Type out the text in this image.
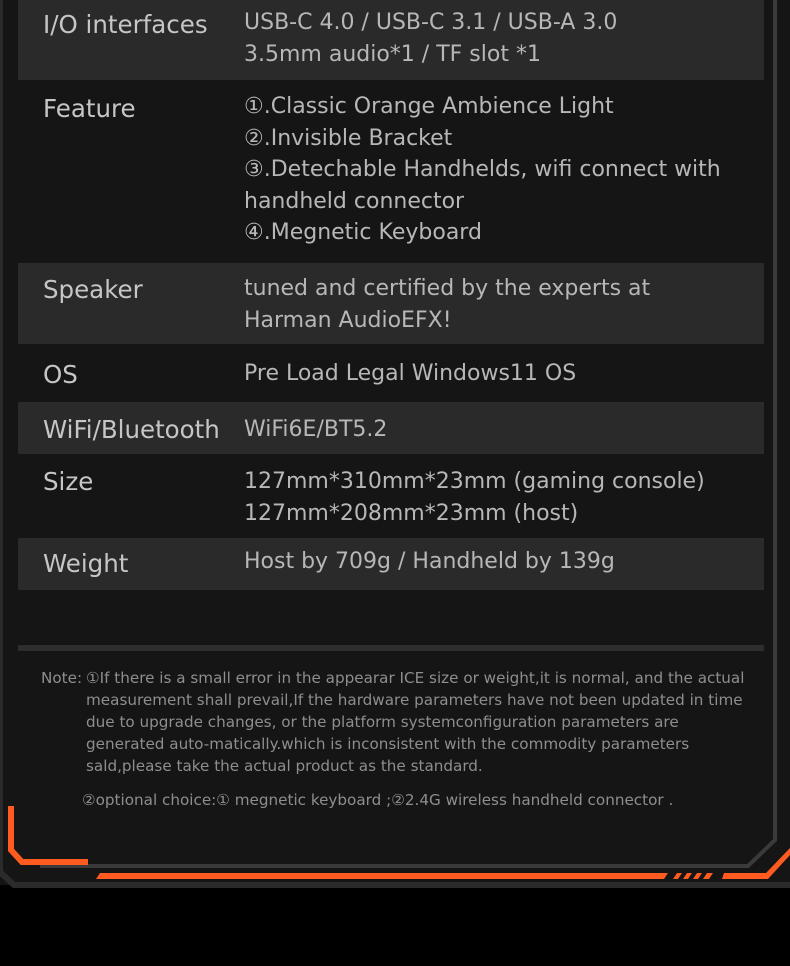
I/O interfaces USB-C 4.0 / USB-C 3.1 / USB-A 3.0
3.5mm audio*1 / TF slot *1
Feature	①.Classic Orange Ambience Light
②.Invisible Bracket
③.Detechable Handhelds, wifi connect with
handheld connector
④.Megnetic Keyboard
Speaker	tuned and certified by the experts at
Harman AudioEFX!
OS	Pre Load Legal Windows11 OS
WiFi/Bluetooth WiFi6E/BT5.2
Size	127mm*310mm*23mm (gaming console)
127mm*208mm*23mm (host)
Weight	Host by 709g / Handheld by 139g
Note: ①If there is a small error in the appearar ICE size or weight,it is normal, and the actual
measurement shall prevail,If the hardware parameters have not been updated in time
due to upgrade changes, or the platform systemconfiguration parameters are
generated auto-matically.which is inconsistent with the commodity parameters
sald,please take the actual product as the standard.
②optional choice:① megnetic keyboard ;②2.4G wireless handheld connector .
